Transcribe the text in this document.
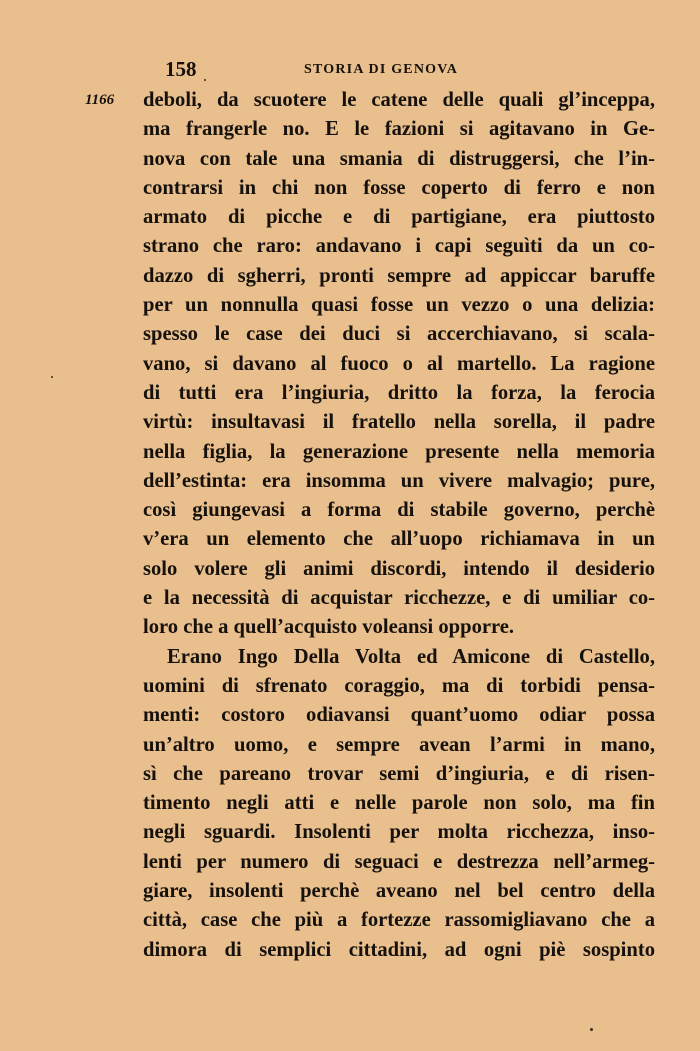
158	STORIA DI GENOVA
1166 deboli, da scuotere le catene delle quali gl’inceppa,
ma frangerle no. E le fazioni si agitavano in Ge-
nova con tale una smania di distruggersi, che l’in-
contrarsi in chi non fosse coperto di ferro e non
armato di picche e di partigiane, era piuttosto
strano che raro: andavano i capi seguìti da un co-
dazzo di sgherri, pronti sempre ad appiccar baruffe
per un nonnulla quasi fosse un vezzo o una delizia:
spesso le case dei duci si accerchiavano, si scala-
vano, si davano al fuoco o al martello. La ragione
di tutti era l’ingiuria, dritto la forza, la ferocia
virtù: insultavasi il fratello nella sorella, il padre
nella figlia, la generazione presente nella memoria
dell’estinta: era insomma un vivere malvagio; pure,
così giungevasi a forma di stabile governo, perchè
v’era un elemento che all’uopo richiamava in un
solo volere gli animi discordi, intendo il desiderio
e la necessità di acquistar ricchezze, e di umiliar co-
loro che a quell’acquisto voleansi opporre.
Erano Ingo Della Volta ed Amicone di Castello,
uomini di sfrenato coraggio, ma di torbidi pensa-
menti: costoro odiavansi quant’uomo odiar possa
un’altro uomo, e sempre avean l’armi in mano,
sì che pareano trovar semi d’ingiuria, e di risen-
timento negli atti e nelle parole non solo, ma fin
negli sguardi. Insolenti per molta ricchezza, inso-
lenti per numero di seguaci e destrezza nell’armeg-
giare, insolenti perchè aveano nel bel centro della
città, case che più a fortezze rassomigliavano che a
dimora di semplici cittadini, ad ogni piè sospinto
